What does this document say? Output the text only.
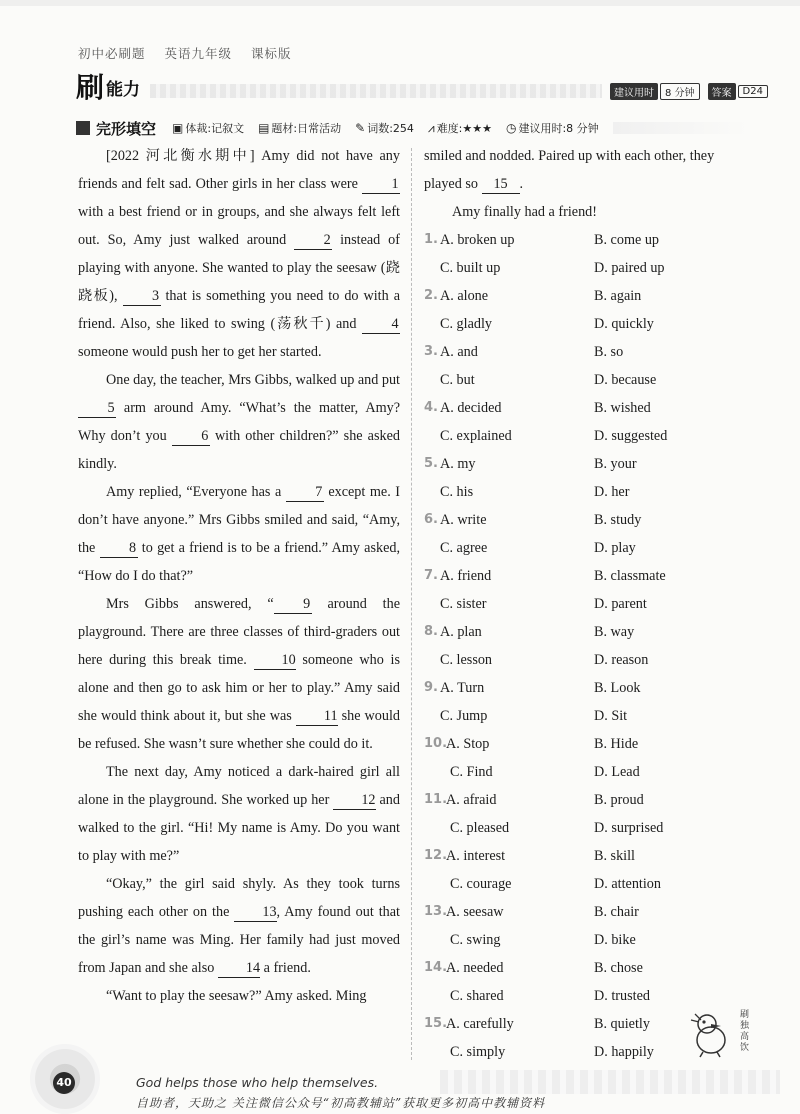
初中必刷题 英语九年级 课标版
刷 能力	建议用时	8 分钟	答案	D24
完形填空 ▣ 体裁:记叙文 ▤ 题材:日常活动 ✎ 词数:254 ⩘ 难度:★★★ ◷ 建议用时:8 分钟

[2022 河北衡水期中] Amy did not have any friends and felt sad. Other girls in her class were 1 with a best friend or in groups, and she always felt left out. So, Amy just walked around 2 instead of playing with anyone. She wanted to play the seesaw (跷跷板), 3 that is something you need to do with a friend. Also, she liked to swing (荡秋千) and 4 someone would push her to get her started.

One day, the teacher, Mrs Gibbs, walked up and put 5 arm around Amy. “What’s the matter, Amy? Why don’t you 6 with other children?” she asked kindly.

Amy replied, “Everyone has a 7 except me. I don’t have anyone.” Mrs Gibbs smiled and said, “Amy, the 8 to get a friend is to be a friend.” Amy asked, “How do I do that?”

Mrs Gibbs answered, “ 9 around the playground. There are three classes of third-graders out here during this break time. 10 someone who is alone and then go to ask him or her to play.” Amy said she would think about it, but she was 11 she would be refused. She wasn’t sure whether she could do it.

The next day, Amy noticed a dark-haired girl all alone in the playground. She worked up her 12 and walked to the girl. “Hi! My name is Amy. Do you want to play with me?”

“Okay,” the girl said shyly. As they took turns pushing each other on the 13, Amy found out that the girl’s name was Ming. Her family had just moved from Japan and she also 14 a friend.

“Want to play the seesaw?” Amy asked. Ming

smiled and nodded. Paired up with each other, they played so 15 .

Amy finally had a friend!

1. A. broken up	B. come up
C. built up	D. paired up
2. A. alone	B. again
C. gladly	D. quickly
3. A. and	B. so
C. but	D. because
4. A. decided	B. wished
C. explained	D. suggested
5. A. my	B. your
C. his	D. her
6. A. write	B. study
C. agree	D. play
7. A. friend	B. classmate
C. sister	D. parent
8. A. plan	B. way
C. lesson	D. reason
9. A. Turn	B. Look
C. Jump	D. Sit
10.
A. Stop	B. Hide
C. Find	D. Lead
11.
A. afraid	B. proud
C. pleased	D. surprised
12.
A. interest	B. skill
C. courage	D. attention
13.
A. seesaw	B. chair
C. swing	D. bike
14.
A. needed	B. chose
C. shared	D. trusted
15.
A. carefully	B. quietly
C. simply	D. happily
刷独高饮
40	God helps those who help themselves.
自助者，天助之 关注微信公众号“初高教辅站”获取更多初高中教辅资料
